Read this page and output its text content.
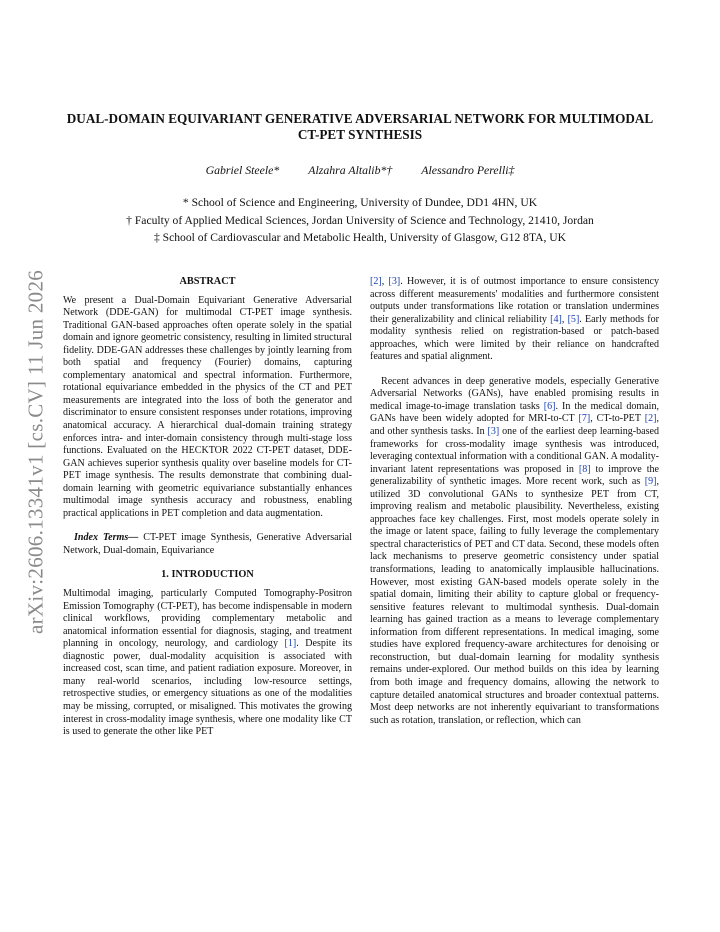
arXiv:2606.13341v1 [cs.CV] 11 Jun 2026
DUAL-DOMAIN EQUIVARIANT GENERATIVE ADVERSARIAL NETWORK FOR MULTIMODAL CT-PET SYNTHESIS
Gabriel Steele* Alzahra Altalib*† Alessandro Perelli‡
* School of Science and Engineering, University of Dundee, DD1 4HN, UK
† Faculty of Applied Medical Sciences, Jordan University of Science and Technology, 21410, Jordan
‡ School of Cardiovascular and Metabolic Health, University of Glasgow, G12 8TA, UK
ABSTRACT

We present a Dual-Domain Equivariant Generative Adversarial Network (DDE-GAN) for multimodal CT-PET image synthesis. Traditional GAN-based approaches often operate solely in the spatial domain and ignore geometric consistency, resulting in limited structural fidelity. DDE-GAN addresses these challenges by jointly learning from both spatial and frequency (Fourier) domains, capturing complementary anatomical and spectral information. Furthermore, rotational equivariance embedded in the physics of the CT and PET measurements are integrated into the loss of both the generator and discriminator to ensure consistent responses under rotations, improving anatomical accuracy. A hierarchical dual-domain training strategy enforces intra- and inter-domain consistency through multi-stage loss functions. Evaluated on the HECKTOR 2022 CT-PET dataset, DDE-GAN achieves superior synthesis quality over baseline models for CT-PET image synthesis. The results demonstrate that combining dual-domain learning with geometric equivariance substantially enhances multimodal image synthesis accuracy and robustness, enabling practical applications in PET completion and data augmentation.

Index Terms— CT-PET image Synthesis, Generative Adversarial Network, Dual-domain, Equivariance

1. INTRODUCTION

Multimodal imaging, particularly Computed Tomography-Positron Emission Tomography (CT-PET), has become indispensable in modern clinical workflows, providing complementary metabolic and anatomical information essential for diagnosis, staging, and treatment planning in oncology, neurology, and cardiology [1]. Despite its diagnostic power, dual-modality acquisition is associated with increased cost, scan time, and patient radiation exposure. Moreover, in many real-world scenarios, including low-resource settings, retrospective studies, or emergency situations as one of the modalities may be missing, corrupted, or misaligned. This motivates the growing interest in cross-modality image synthesis, where one modality like CT is used to generate the other like PET

[2], [3]. However, it is of outmost importance to ensure consistency across different measurements' modalities and furthermore consistent outputs under transformations like rotation or translation undermines their generalizability and clinical reliability [4], [5]. Early methods for modality synthesis relied on registration-based or patch-based approaches, which were limited by their reliance on handcrafted features and spatial alignment.

Recent advances in deep generative models, especially Generative Adversarial Networks (GANs), have enabled promising results in medical image-to-image translation tasks [6]. In the medical domain, GANs have been widely adopted for MRI-to-CT [7], CT-to-PET [2], and other synthesis tasks. In [3] one of the earliest deep learning-based frameworks for cross-modality image synthesis was introduced, leveraging contextual information with a conditional GAN. A modality-invariant latent representations was proposed in [8] to improve the generalizability of synthetic images. More recent work, such as [9], utilized 3D convolutional GANs to synthesize PET from CT, improving realism and metabolic plausibility. Nevertheless, existing approaches face key challenges. First, most models operate solely in the image or latent space, failing to fully leverage the complementary spectral characteristics of PET and CT data. Second, these models often lack mechanisms to preserve geometric consistency under spatial transformations, leading to anatomically implausible hallucinations. However, most existing GAN-based models operate solely in the spatial domain, limiting their ability to capture global or frequency-sensitive features relevant to multimodal synthesis. Dual-domain learning has gained traction as a means to leverage complementary information from different representations. In medical imaging, some studies have explored frequency-aware architectures for denoising or reconstruction, but dual-domain learning for modality synthesis remains under-explored. Our method builds on this idea by learning from both image and frequency domains, allowing the network to capture detailed anatomical structures and broader contextual patterns. Most deep networks are not inherently equivariant to transformations such as rotation, translation, or reflection, which can
